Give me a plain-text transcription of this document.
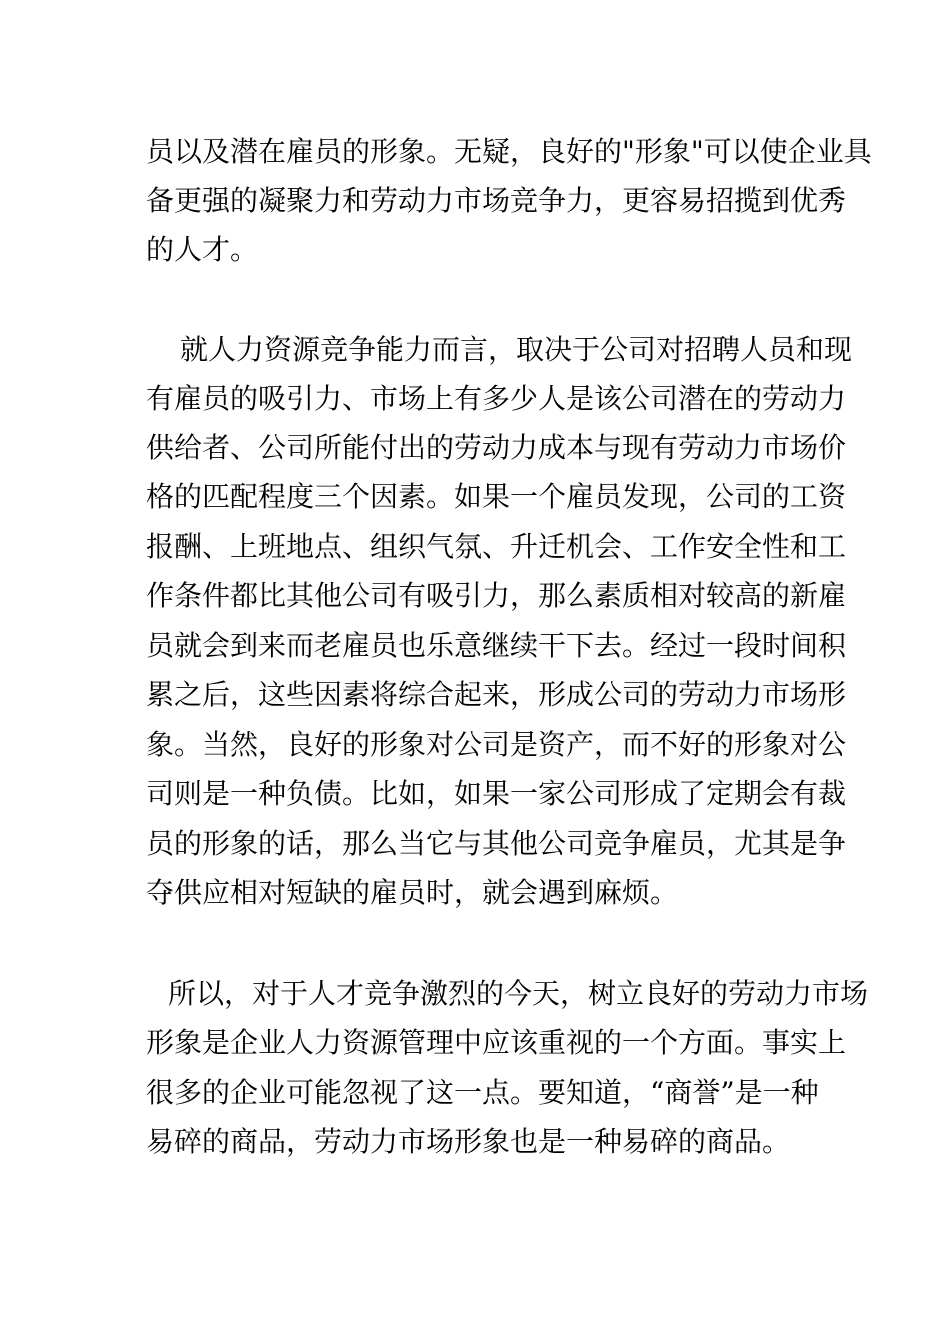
员以及潜在雇员的形象。无疑，良好的"形象"可以使企业具

备更强的凝聚力和劳动力市场竞争力，更容易招揽到优秀

的人才。

就人力资源竞争能力而言，取决于公司对招聘人员和现

有雇员的吸引力、市场上有多少人是该公司潜在的劳动力

供给者、公司所能付出的劳动力成本与现有劳动力市场价

格的匹配程度三个因素。如果一个雇员发现，公司的工资

报酬、上班地点、组织气氛、升迁机会、工作安全性和工

作条件都比其他公司有吸引力，那么素质相对较高的新雇

员就会到来而老雇员也乐意继续干下去。经过一段时间积

累之后，这些因素将综合起来，形成公司的劳动力市场形

象。当然，良好的形象对公司是资产，而不好的形象对公

司则是一种负债。比如，如果一家公司形成了定期会有裁

员的形象的话，那么当它与其他公司竞争雇员，尤其是争

夺供应相对短缺的雇员时，就会遇到麻烦。

所以，对于人才竞争激烈的今天，树立良好的劳动力市场

形象是企业人力资源管理中应该重视的一个方面。事实上

很多的企业可能忽视了这一点。要知道，“商誉”是一种

易碎的商品，劳动力市场形象也是一种易碎的商品。
